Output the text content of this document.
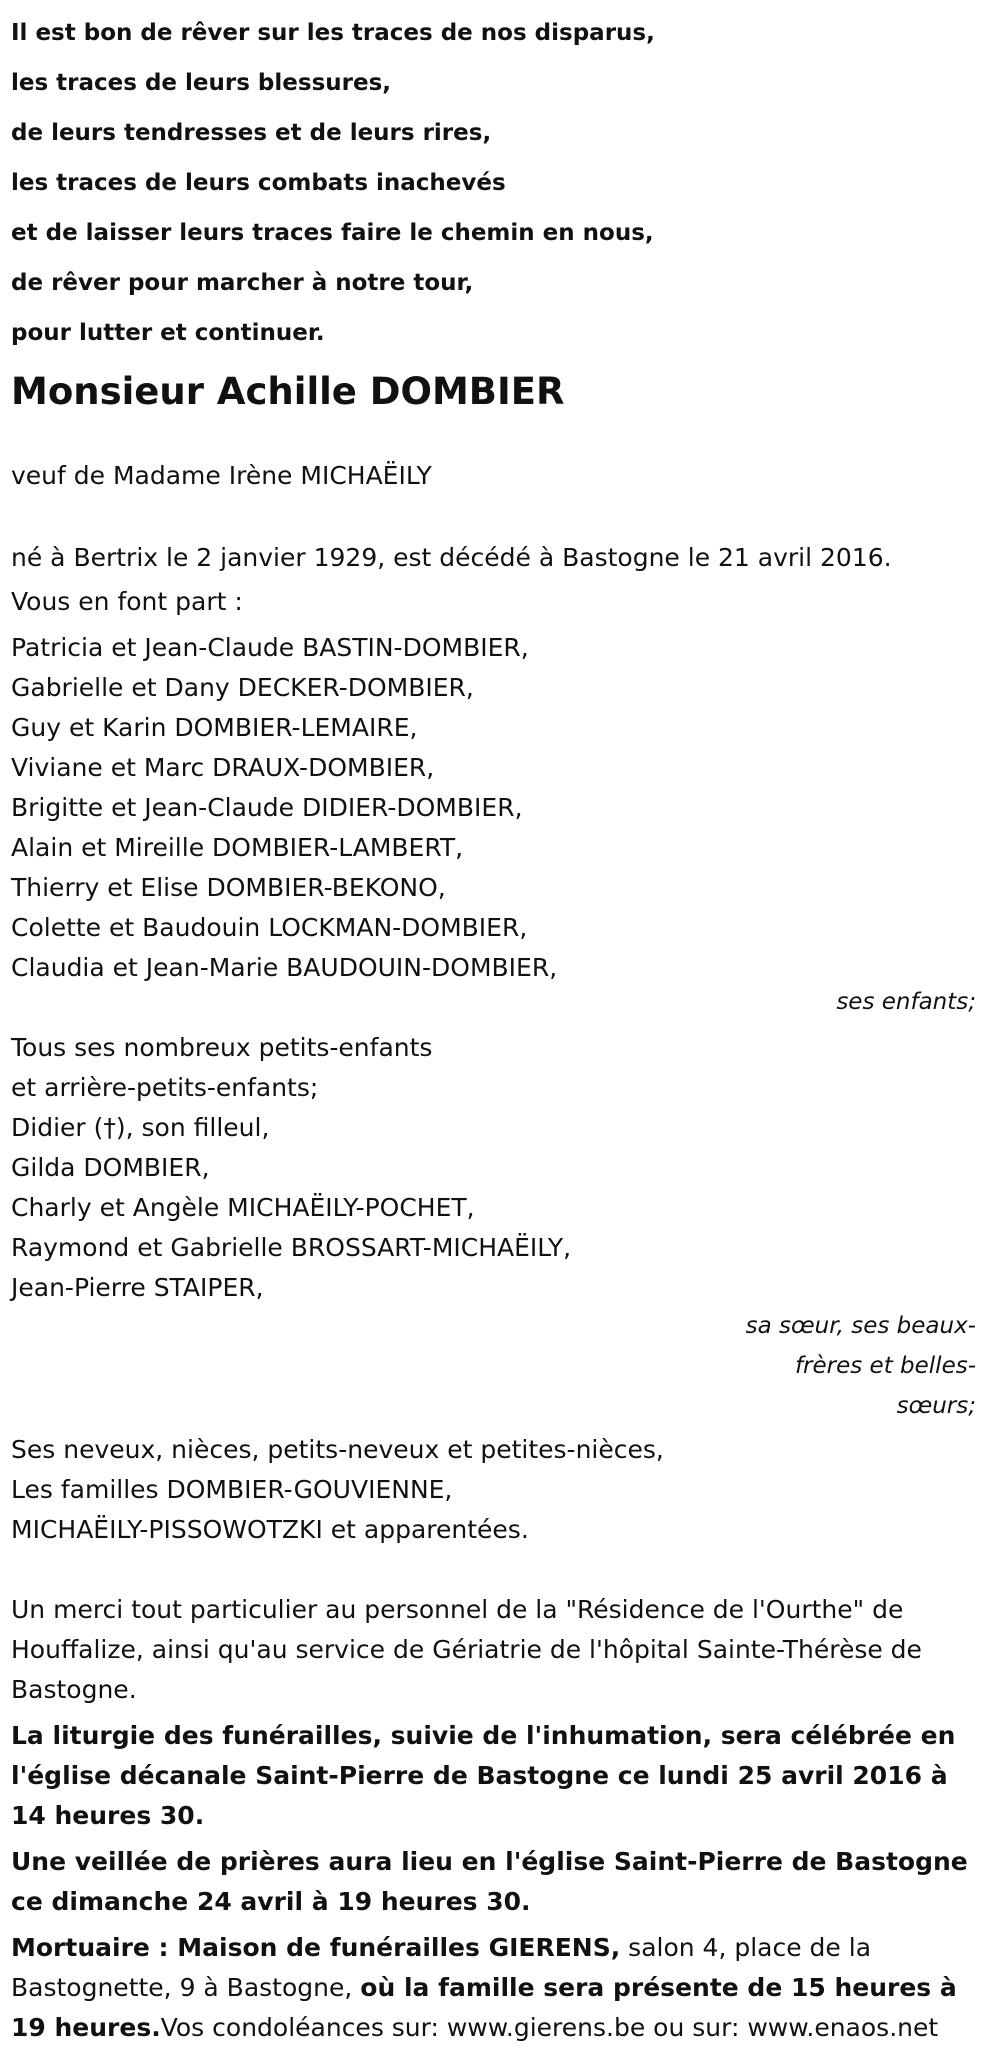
Il est bon de rêver sur les traces de nos disparus,
les traces de leurs blessures,
de leurs tendresses et de leurs rires,
les traces de leurs combats inachevés
et de laisser leurs traces faire le chemin en nous,
de rêver pour marcher à notre tour,
pour lutter et continuer.
Monsieur Achille DOMBIER
veuf de Madame Irène MICHAËILY
né à Bertrix le 2 janvier 1929, est décédé à Bastogne le 21 avril 2016.
Vous en font part :
Patricia et Jean-Claude BASTIN-DOMBIER,
Gabrielle et Dany DECKER-DOMBIER,
Guy et Karin DOMBIER-LEMAIRE,
Viviane et Marc DRAUX-DOMBIER,
Brigitte et Jean-Claude DIDIER-DOMBIER,
Alain et Mireille DOMBIER-LAMBERT,
Thierry et Elise DOMBIER-BEKONO,
Colette et Baudouin LOCKMAN-DOMBIER,
Claudia et Jean-Marie BAUDOUIN-DOMBIER,
ses enfants;
Tous ses nombreux petits-enfants
et arrière-petits-enfants;
Didier (†), son filleul,
Gilda DOMBIER,
Charly et Angèle MICHAËILY-POCHET,
Raymond et Gabrielle BROSSART-MICHAËILY,
Jean-Pierre STAIPER,
sa sœur, ses beaux-
frères et belles-
sœurs;
Ses neveux, nièces, petits-neveux et petites-nièces,
Les familles DOMBIER-GOUVIENNE,
MICHAËILY-PISSOWOTZKI et apparentées.
Un merci tout particulier au personnel de la "Résidence de l'Ourthe" de Houffalize, ainsi qu'au service de Gériatrie de l'hôpital Sainte-Thérèse de Bastogne.
La liturgie des funérailles, suivie de l'inhumation, sera célébrée en l'église décanale Saint-Pierre de Bastogne ce lundi 25 avril 2016 à 14 heures 30.
Une veillée de prières aura lieu en l'église Saint-Pierre de Bastogne ce dimanche 24 avril à 19 heures 30.
Mortuaire : Maison de funérailles GIERENS, salon 4, place de la Bastognette, 9 à Bastogne, où la famille sera présente de 15 heures à 19 heures.Vos condoléances sur: www.gierens.be ou sur: www.enaos.net
